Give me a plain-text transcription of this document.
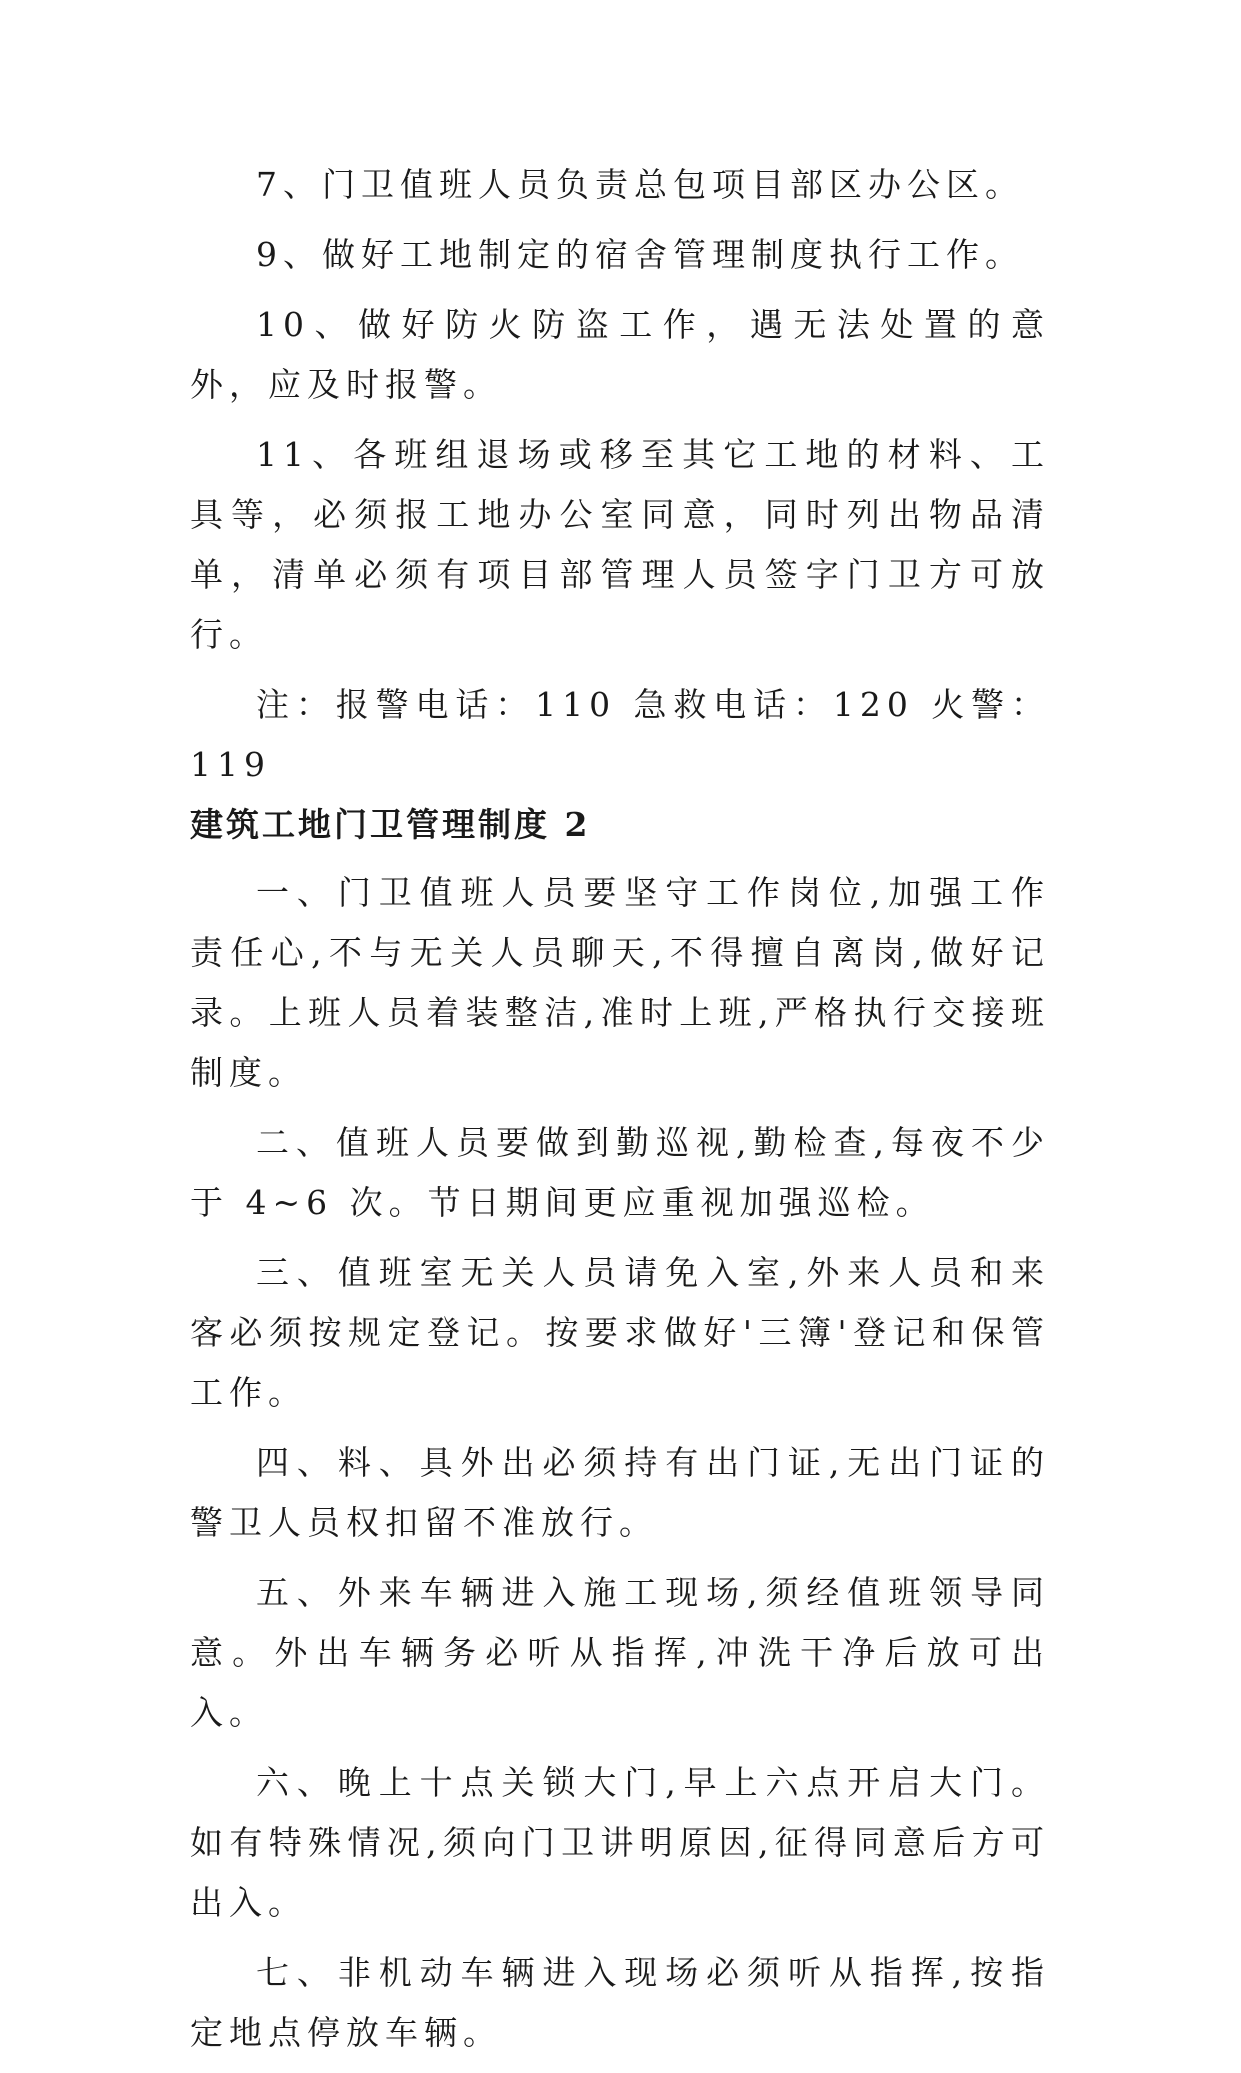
7、门卫值班人员负责总包项目部区办公区。

9、做好工地制定的宿舍管理制度执行工作。

10、做好防火防盗工作，遇无法处置的意外，应及时报警。

11、各班组退场或移至其它工地的材料、工具等，必须报工地办公室同意，同时列出物品清单，清单必须有项目部管理人员签字门卫方可放行。

注：报警电话：110 急救电话：120 火警：119

建筑工地门卫管理制度 2

一、门卫值班人员要坚守工作岗位,加强工作责任心,不与无关人员聊天,不得擅自离岗,做好记录。上班人员着装整洁,准时上班,严格执行交接班制度。

二、值班人员要做到勤巡视,勤检查,每夜不少于 4~6 次。节日期间更应重视加强巡检。

三、值班室无关人员请免入室,外来人员和来客必须按规定登记。按要求做好'三簿'登记和保管工作。

四、料、具外出必须持有出门证,无出门证的警卫人员权扣留不准放行。

五、外来车辆进入施工现场,须经值班领导同意。外出车辆务必听从指挥,冲洗干净后放可出入。

六、晚上十点关锁大门,早上六点开启大门。如有特殊情况,须向门卫讲明原因,征得同意后方可出入。

七、非机动车辆进入现场必须听从指挥,按指定地点停放车辆。
